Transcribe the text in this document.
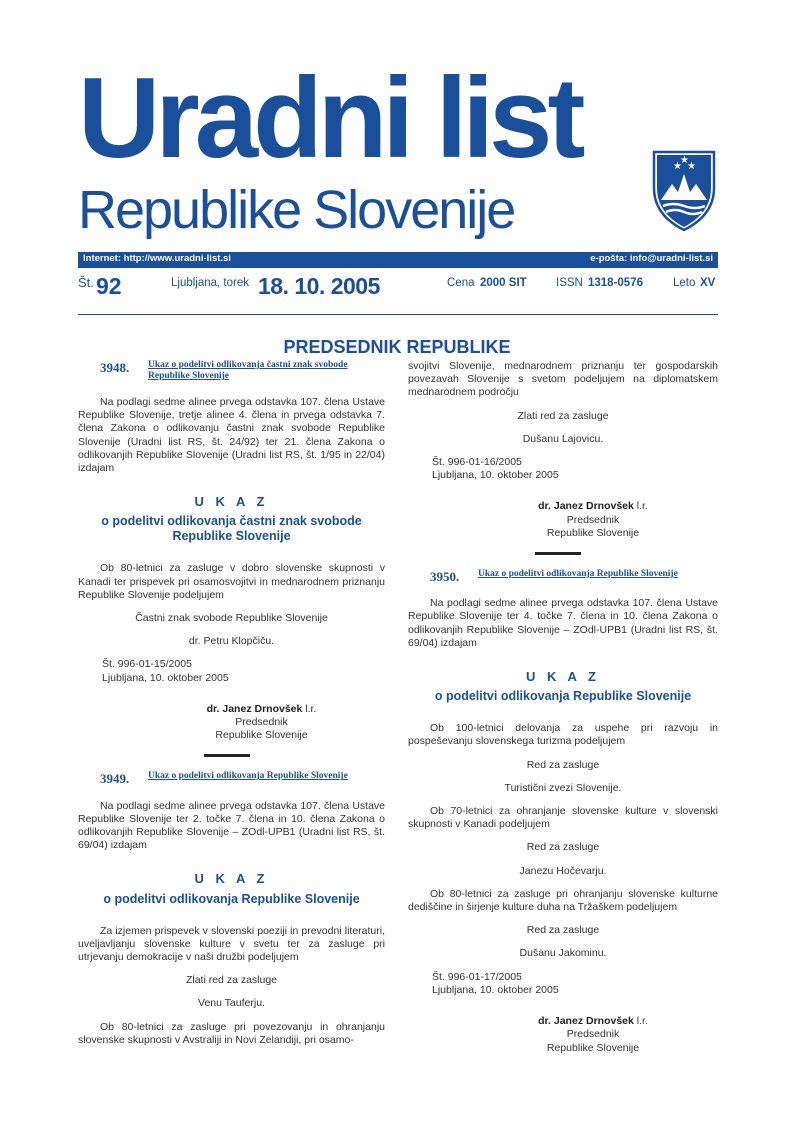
Uradni list
Republike Slovenije
★ ★
★
Internet: http://www.uradni-list.si	e-pošta: info@uradni-list.si
Št. 92	Ljubljana, torek 18. 10. 2005	Cena 2000 SIT	ISSN 1318-0576	Leto XV
PREDSEDNIK REPUBLIKE
3948.	Ukaz o podelitvi odlikovanja častni znak svobode Republike Slovenije

Na podlagi sedme alinee prvega odstavka 107. člena Ustave Republike Slovenije, tretje alinee 4. člena in prvega odstavka 7. člena Zakona o odlikovanju častni znak svobode Republike Slovenije (Uradni list RS, št. 24/92) ter 21. člena Zakona o odlikovanjih Republike Slovenije (Uradni list RS, št. 1/95 in 22/04) izdajam

U K A Z
o podelitvi odlikovanja častni znak svobode Republike Slovenije

Ob 80-letnici za zasluge v dobro slovenske skupnosti v Kanadi ter prispevek pri osamosvojitvi in mednarodnem priznanju Republike Slovenije podeljujem

Častni znak svobode Republike Slovenije

dr. Petru Klopčiču.

Št. 996-01-15/2005
Ljubljana, 10. oktober 2005
dr. Janez Drnovšek l.r.
Predsednik
Republike Slovenije
3949.	Ukaz o podelitvi odlikovanja Republike Slovenije

Na podlagi sedme alinee prvega odstavka 107. člena Ustave Republike Slovenije ter 2. točke 7. člena in 10. člena Zakona o odlikovanjih Republike Slovenije – ZOdl-UPB1 (Uradni list RS, št. 69/04) izdajam

U K A Z
o podelitvi odlikovanja Republike Slovenije

Za izjemen prispevek v slovenski poeziji in prevodni literaturi, uveljavljanju slovenske kulture v svetu ter za zasluge pri utrjevanju demokracije v naši družbi podeljujem

Zlati red za zasluge

Venu Tauferju.

Ob 80-letnici za zasluge pri povezovanju in ohranjanju slovenske skupnosti v Avstraliji in Novi Zelandiji, pri osamo-

svojitvi Slovenije, mednarodnem priznanju ter gospodarskih povezavah Slovenije s svetom podeljujem na diplomatskem mednarodnem področju

Zlati red za zasluge

Dušanu Lajovicu.

Št. 996-01-16/2005
Ljubljana, 10. oktober 2005
dr. Janez Drnovšek l.r.
Predsednik
Republike Slovenije
3950.	Ukaz o podelitvi odlikovanja Republike Slovenije

Na podlagi sedme alinee prvega odstavka 107. člena Ustave Republike Slovenije ter 4. točke 7. člena in 10. člena Zakona o odlikovanjih Republike Slovenije – ZOdl-UPB1 (Uradni list RS, št. 69/04) izdajam

U K A Z
o podelitvi odlikovanja Republike Slovenije

Ob 100-letnici delovanja za uspehe pri razvoju in pospeševanju slovenskega turizma podeljujem

Red za zasluge

Turistični zvezi Slovenije.

Ob 70-letnici za ohranjanje slovenske kulture v slovenski skupnosti v Kanadi podeljujem

Red za zasluge

Janezu Hočevarju.

Ob 80-letnici za zasluge pri ohranjanju slovenske kulturne dediščine in širjenje kulture duha na Tržaškem podeljujem

Red za zasluge

Dušanu Jakominu.

Št. 996-01-17/2005
Ljubljana, 10. oktober 2005
dr. Janez Drnovšek l.r.
Predsednik
Republike Slovenije
